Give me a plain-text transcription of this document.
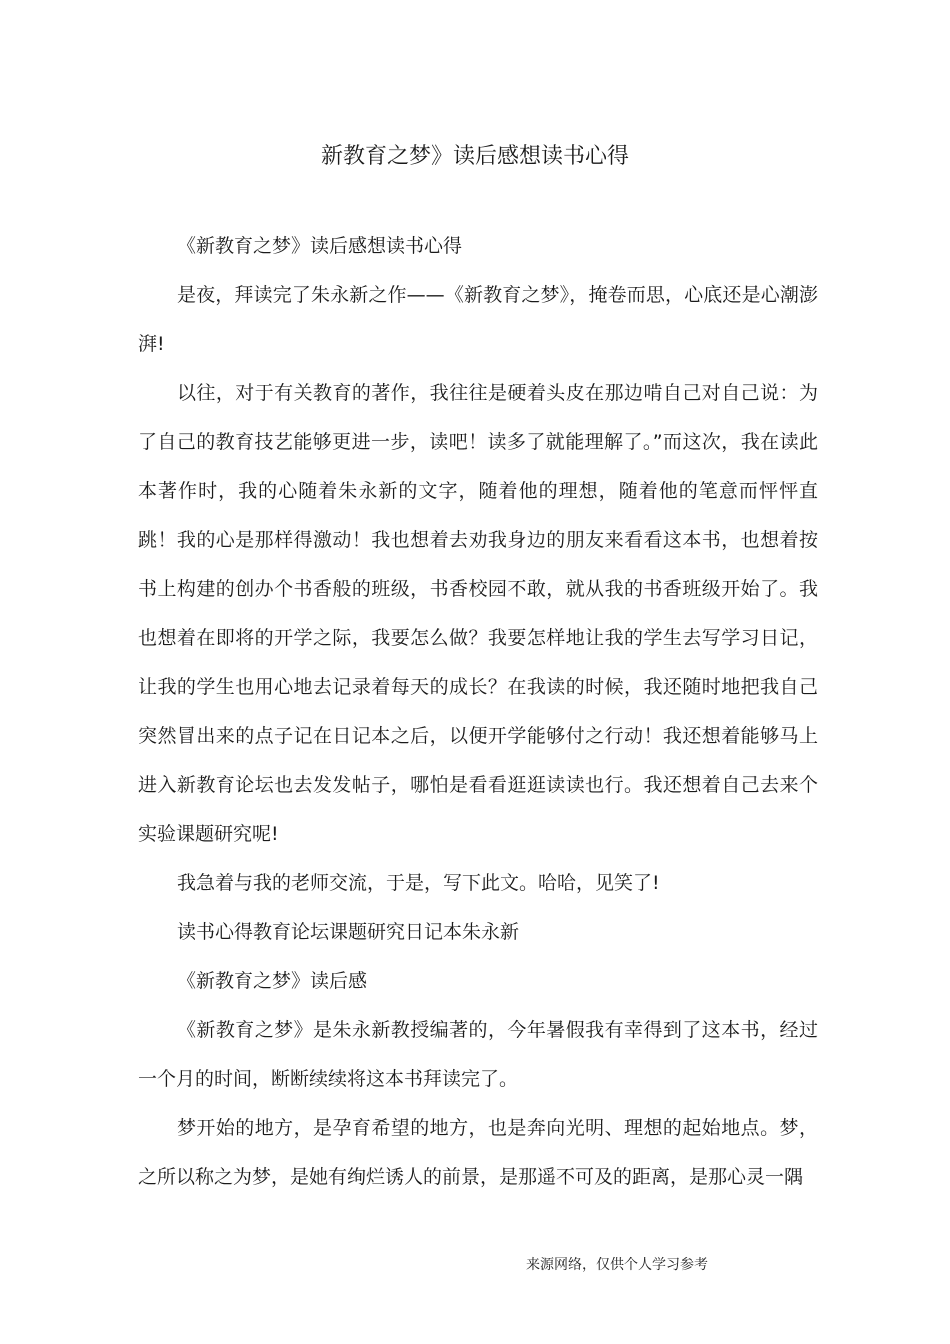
新教育之梦》读后感想读书心得

《新教育之梦》读后感想读书心得

是夜，拜读完了朱永新之作——《新教育之梦》，掩卷而思，心底还是心潮澎湃!

以往，对于有关教育的著作，我往往是硬着头皮在那边啃自己对自己说：为了自己的教育技艺能够更进一步，读吧！读多了就能理解了。”而这次，我在读此本著作时，我的心随着朱永新的文字，随着他的理想，随着他的笔意而怦怦直跳！我的心是那样得激动！我也想着去劝我身边的朋友来看看这本书，也想着按书上构建的创办个书香般的班级，书香校园不敢，就从我的书香班级开始了。我也想着在即将的开学之际，我要怎么做？我要怎样地让我的学生去写学习日记，让我的学生也用心地去记录着每天的成长？在我读的时候，我还随时地把我自己突然冒出来的点子记在日记本之后，以便开学能够付之行动！我还想着能够马上进入新教育论坛也去发发帖子，哪怕是看看逛逛读读也行。我还想着自己去来个实验课题研究呢!

我急着与我的老师交流，于是，写下此文。哈哈，见笑了!

读书心得教育论坛课题研究日记本朱永新

《新教育之梦》读后感

《新教育之梦》是朱永新教授编著的，今年暑假我有幸得到了这本书，经过一个月的时间，断断续续将这本书拜读完了。

梦开始的地方，是孕育希望的地方，也是奔向光明、理想的起始地点。梦，之所以称之为梦，是她有绚烂诱人的前景，是那遥不可及的距离，是那心灵一隅

来源网络，仅供个人学习参考
